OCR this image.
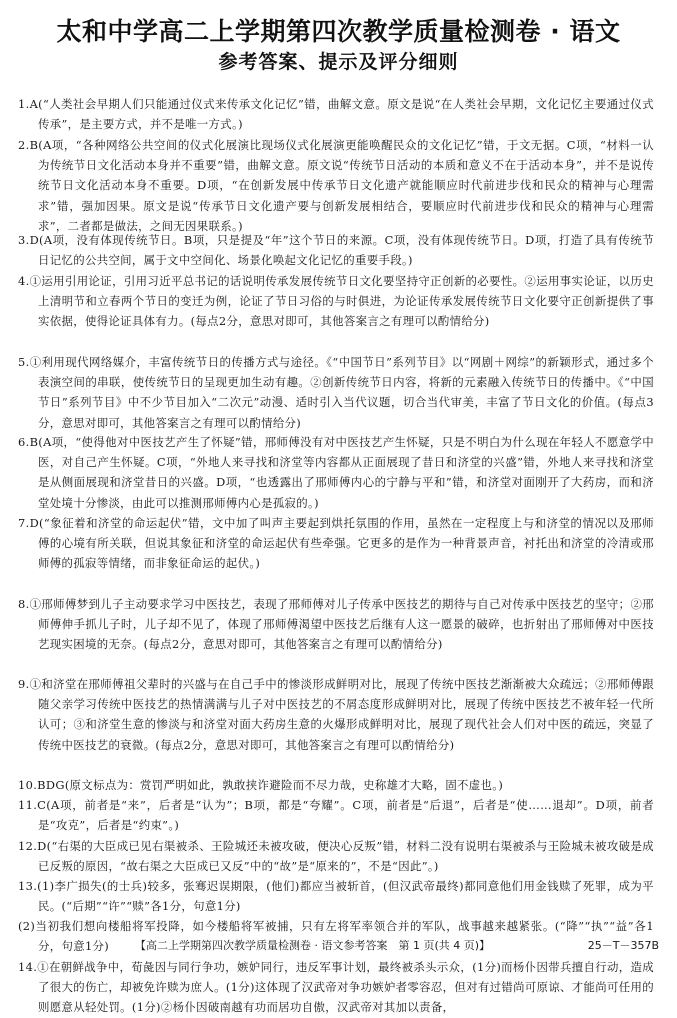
太和中学高二上学期第四次教学质量检测卷 · 语文
参考答案、提示及评分细则

1.A(“人类社会早期人们只能通过仪式来传承文化记忆”错，曲解文意。原文是说“在人类社会早期，文化记忆主要通过仪式传承”，是主要方式，并不是唯一方式。)

2.B(A项，“各种网络公共空间的仪式化展演比现场仪式化展演更能唤醒民众的文化记忆”错，于文无据。C项，“材料一认为传统节日文化活动本身并不重要”错，曲解文意。原文说“传统节日活动的本质和意义不在于活动本身”，并不是说传统节日文化活动本身不重要。D项，“在创新发展中传承节日文化遗产就能顺应时代前进步伐和民众的精神与心理需求”错，强加因果。原文是说“传承节日文化遗产要与创新发展相结合，要顺应时代前进步伐和民众的精神与心理需求”，二者都是做法，之间无因果联系。)

3.D(A项，没有体现传统节日。B项，只是提及“年”这个节日的来源。C项，没有体现传统节日。D项，打造了具有传统节日记忆的公共空间，属于文中空间化、场景化唤起文化记忆的重要手段。)

4.①运用引用论证，引用习近平总书记的话说明传承发展传统节日文化要坚持守正创新的必要性。②运用事实论证，以历史上清明节和立春两个节日的变迁为例，论证了节日习俗的与时俱进，为论证传承发展传统节日文化要守正创新提供了事实依据，使得论证具体有力。(每点2分，意思对即可，其他答案言之有理可以酌情给分)

5.①利用现代网络媒介，丰富传统节日的传播方式与途径。《“中国节日”系列节目》以“网剧＋网综”的新颖形式，通过多个表演空间的串联，使传统节日的呈现更加生动有趣。②创新传统节日内容，将新的元素融入传统节日的传播中。《“中国节日”系列节目》中不少节目加入“二次元”动漫、适时引入当代议题，切合当代审美，丰富了节日文化的价值。(每点3分，意思对即可，其他答案言之有理可以酌情给分)

6.B(A项，“使得他对中医技艺产生了怀疑”错，邢师傅没有对中医技艺产生怀疑，只是不明白为什么现在年轻人不愿意学中医，对自己产生怀疑。C项，“外地人来寻找和济堂等内容都从正面展现了昔日和济堂的兴盛”错，外地人来寻找和济堂是从侧面展现和济堂昔日的兴盛。D项，“也透露出了邢师傅内心的宁静与平和”错，和济堂对面刚开了大药房，而和济堂处境十分惨淡，由此可以推测邢师傅内心是孤寂的。)

7.D(“象征着和济堂的命运起伏”错，文中加了叫声主要起到烘托氛围的作用，虽然在一定程度上与和济堂的情况以及邢师傅的心境有所关联，但说其象征和济堂的命运起伏有些牵强。它更多的是作为一种背景声音，衬托出和济堂的冷清或邢师傅的孤寂等情绪，而非象征命运的起伏。)

8.①邢师傅梦到儿子主动要求学习中医技艺，表现了邢师傅对儿子传承中医技艺的期待与自己对传承中医技艺的坚守；②邢师傅伸手抓儿子时，儿子却不见了，体现了邢师傅渴望中医技艺后继有人这一愿景的破碎，也折射出了邢师傅对中医技艺现实困境的无奈。(每点2分，意思对即可，其他答案言之有理可以酌情给分)

9.①和济堂在邢师傅祖父辈时的兴盛与在自己手中的惨淡形成鲜明对比，展现了传统中医技艺渐渐被大众疏远；②邢师傅跟随父亲学习传统中医技艺的热情满满与儿子对中医技艺的不屑态度形成鲜明对比，展现了传统中医技艺不被年轻一代所认可；③和济堂生意的惨淡与和济堂对面大药房生意的火爆形成鲜明对比，展现了现代社会人们对中医的疏远，突显了传统中医技艺的衰微。(每点2分，意思对即可，其他答案言之有理可以酌情给分)

10.BDG(原文标点为：赏罚严明如此，孰敢挟诈避险而不尽力哉，史称雄才大略，固不虚也。)

11.C(A项，前者是“来”，后者是“认为”；B项，都是“夸耀”。C项，前者是“后退”，后者是“使……退却”。D项，前者是“攻克”，后者是“约束”。)

12.D(“右渠的大臣成已见右渠被杀、王险城还未被攻破，便决心反叛”错，材料二没有说明右渠被杀与王险城未被攻破是成已反叛的原因，“故右渠之大臣成已又反”中的“故”是“原来的”，不是“因此”。)

13.(1)李广损失(的士兵)较多，张骞迟误期限，(他们)都应当被斩首，(但汉武帝最终)都同意他们用金钱赎了死罪，成为平民。(“后期”“许”“赎”各1分，句意1分)

(2)当初我们想向楼船将军投降，如今楼船将军被捕，只有左将军率领合并的军队，战事越来越紧张。(“降”“执”“益”各1分，句意1分)

14.①在朝鲜战争中，荀彘因与同行争功，嫉妒同行，违反军事计划，最终被杀头示众，(1分)而杨仆因带兵擅自行动，造成了很大的伤亡，却被免许赎为庶人。(1分)这体现了汉武帝对争功嫉妒者零容忍，但对有过错尚可原谅、才能尚可任用的则愿意从轻处罚。(1分)②杨仆因破南越有功而居功自傲，汉武帝对其加以责备，

【高二上学期第四次教学质量检测卷 · 语文参考答案　第 1 页(共 4 页)】	25－T－357B
